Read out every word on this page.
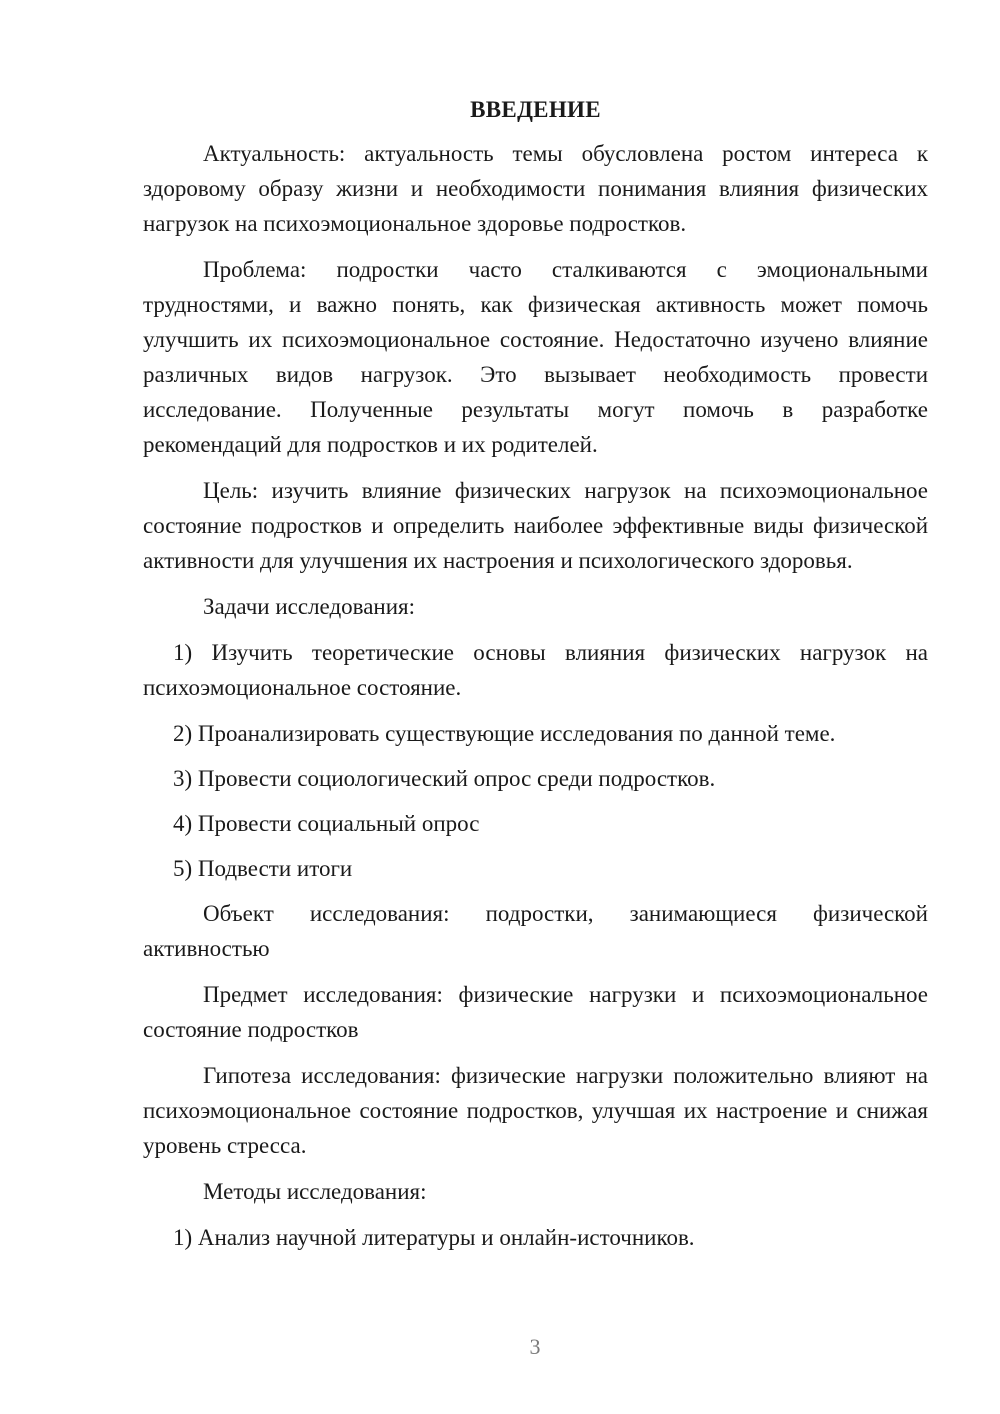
ВВЕДЕНИЕ

Актуальность: актуальность темы обусловлена ростом интереса к здоровому образу жизни и необходимости понимания влияния физических нагрузок на психоэмоциональное здоровье подростков.

Проблема: подростки часто сталкиваются с эмоциональными трудностями, и важно понять, как физическая активность может помочь улучшить их психоэмоциональное состояние. Недостаточно изучено влияние различных видов нагрузок. Это вызывает необходимость провести исследование. Полученные результаты могут помочь в разработке рекомендаций для подростков и их родителей.

Цель: изучить влияние физических нагрузок на психоэмоциональное состояние подростков и определить наиболее эффективные виды физической активности для улучшения их настроения и психологического здоровья.

Задачи исследования:

1) Изучить теоретические основы влияния физических нагрузок на психоэмоциональное состояние.

2) Проанализировать существующие исследования по данной теме.

3) Провести социологический опрос среди подростков.

4) Провести социальный опрос

5) Подвести итоги

Объект исследования: подростки, занимающиеся физической активностью

Предмет исследования: физические нагрузки и психоэмоциональное состояние подростков

Гипотеза исследования: физические нагрузки положительно влияют на психоэмоциональное состояние подростков, улучшая их настроение и снижая уровень стресса.

Методы исследования:

1) Анализ научной литературы и онлайн-источников.

3
